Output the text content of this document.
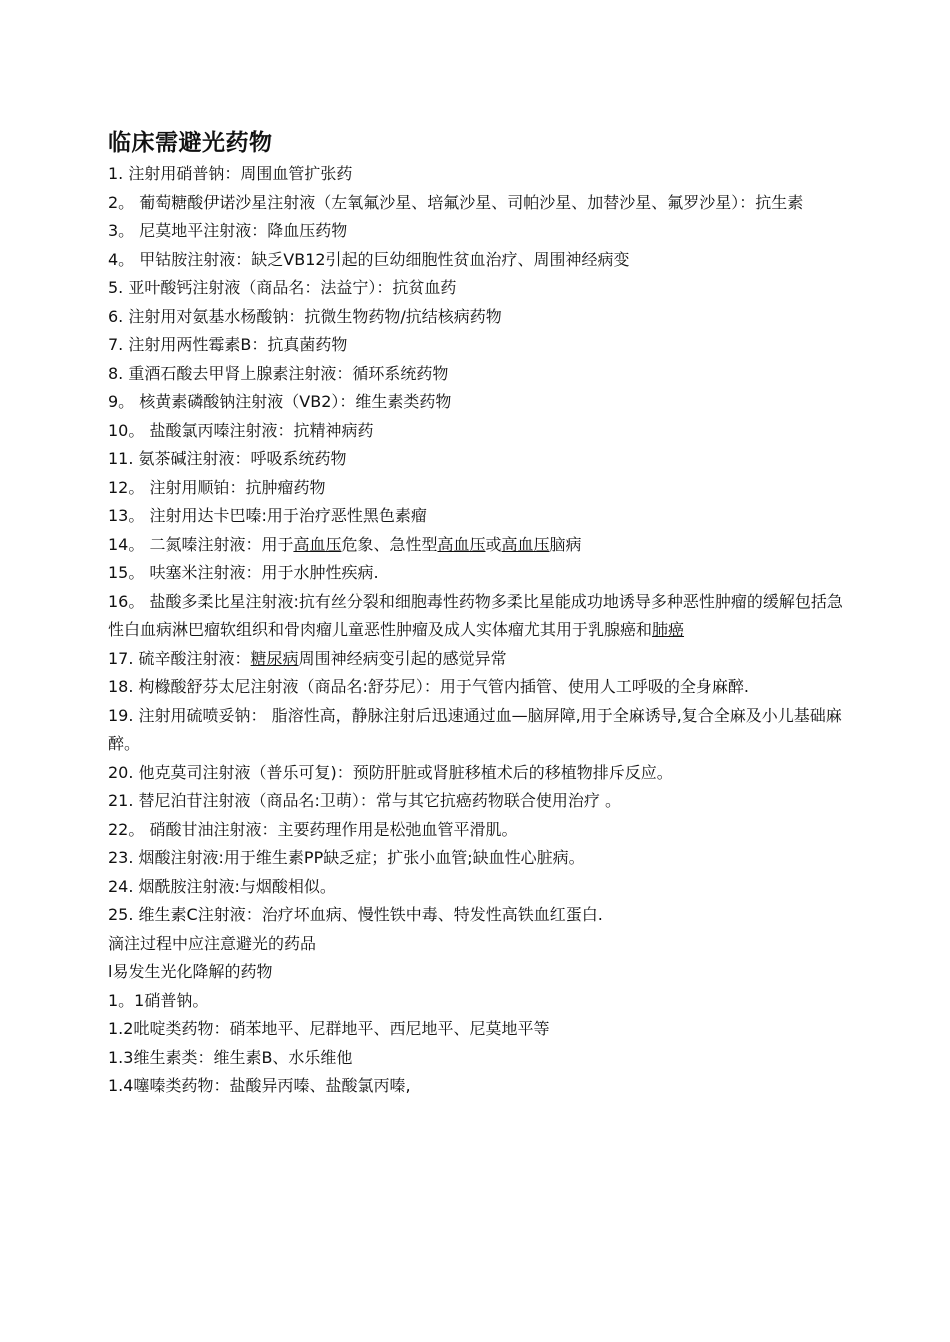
临床需避光药物

1. 注射用硝普钠：周围血管扩张药

2。 葡萄糖酸伊诺沙星注射液（左氧氟沙星、培氟沙星、司帕沙星、加替沙星、氟罗沙星）：抗生素

3。 尼莫地平注射液：降血压药物

4。 甲钴胺注射液：缺乏VB12引起的巨幼细胞性贫血治疗、周围神经病变

5. 亚叶酸钙注射液（商品名：法益宁）：抗贫血药

6. 注射用对氨基水杨酸钠：抗微生物药物/抗结核病药物

7. 注射用两性霉素B：抗真菌药物

8. 重酒石酸去甲肾上腺素注射液：循环系统药物

9。 核黄素磷酸钠注射液（VB2）：维生素类药物

10。 盐酸氯丙嗪注射液：抗精神病药

11. 氨茶碱注射液：呼吸系统药物

12。 注射用顺铂：抗肿瘤药物

13。 注射用达卡巴嗪:用于治疗恶性黑色素瘤

14。 二氮嗪注射液：用于高血压危象、急性型高血压或高血压脑病

15。 呋塞米注射液：用于水肿性疾病.

16。 盐酸多柔比星注射液:抗有丝分裂和细胞毒性药物多柔比星能成功地诱导多种恶性肿瘤的缓解包括急性白血病淋巴瘤软组织和骨肉瘤儿童恶性肿瘤及成人实体瘤尤其用于乳腺癌和肺癌

17. 硫辛酸注射液：糖尿病周围神经病变引起的感觉异常

18. 枸橼酸舒芬太尼注射液（商品名:舒芬尼）：用于气管内插管、使用人工呼吸的全身麻醉.

19. 注射用硫喷妥钠： 脂溶性高，静脉注射后迅速通过血—脑屏障,用于全麻诱导,复合全麻及小儿基础麻醉。

20. 他克莫司注射液（普乐可复)：预防肝脏或肾脏移植术后的移植物排斥反应。

21. 替尼泊苷注射液（商品名:卫萌）：常与其它抗癌药物联合使用治疗 。

22。 硝酸甘油注射液：主要药理作用是松弛血管平滑肌。

23. 烟酸注射液:用于维生素PP缺乏症；扩张小血管;缺血性心脏病。

24. 烟酰胺注射液:与烟酸相似。

25. 维生素C注射液：治疗坏血病、慢性铁中毒、特发性高铁血红蛋白.

滴注过程中应注意避光的药品

l易发生光化降解的药物

1。1硝普钠。

1.2吡啶类药物：硝苯地平、尼群地平、西尼地平、尼莫地平等

1.3维生素类：维生素B、水乐维他

1.4噻嗪类药物：盐酸异丙嗪、盐酸氯丙嗪,
